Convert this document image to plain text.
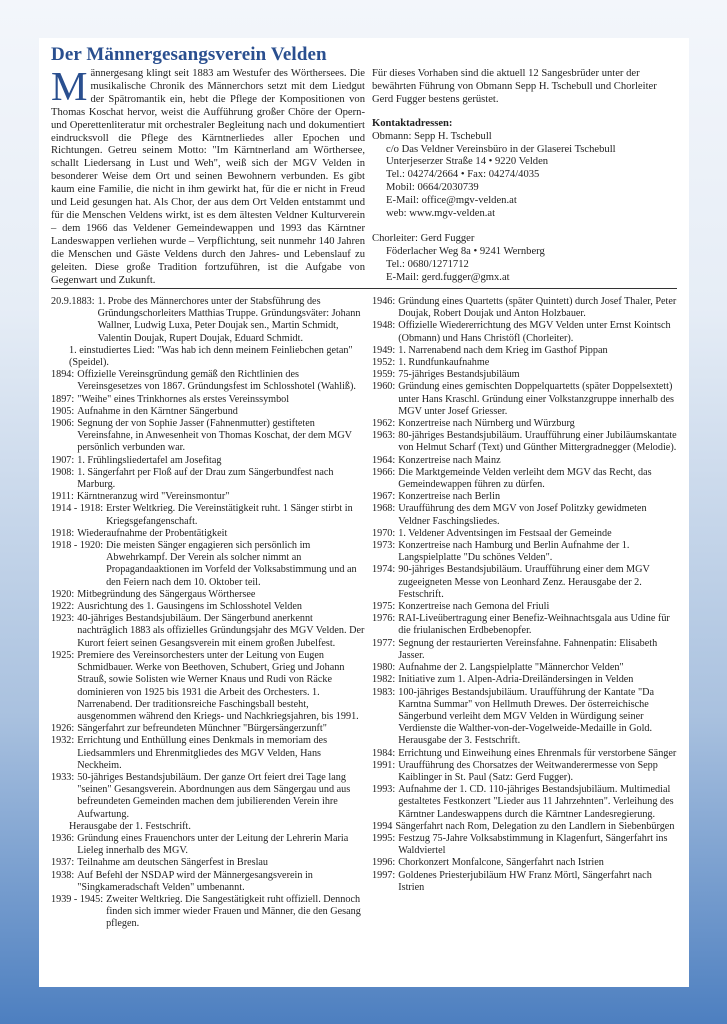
Der Männergesangsverein Velden
Männergesang klingt seit 1883 am Westufer des Wörthersees. Die musikalische Chronik des Männerchors setzt mit dem Liedgut der Spätromantik ein, hebt die Pflege der Kompositionen von Thomas Koschat hervor, weist die Aufführung großer Chöre der Opern- und Operettenliteratur mit orchestraler Begleitung nach und dokumentiert eindrucksvoll die Pflege des Kärntnerliedes aller Epochen und Richtungen. Getreu seinem Motto: "Im Kärntnerland am Wörthersee, schallt Liedersang in Lust und Weh", weiß sich der MGV Velden in besonderer Weise dem Ort und seinen Bewohnern verbunden. Es gibt kaum eine Familie, die nicht in ihm gewirkt hat, für die er nicht in Freud und Leid gesungen hat. Als Chor, der aus dem Ort Velden entstammt und für die Menschen Veldens wirkt, ist es dem ältesten Veldner Kulturverein – dem 1966 das Veldener Gemeindewappen und 1993 das Kärntner Landeswappen verliehen wurde – Verpflichtung, seit nunmehr 140 Jahren die Menschen und Gäste Veldens durch den Jahres- und Lebenslauf zu geleiten. Diese große Tradition fortzuführen, ist die Aufgabe von Gegenwart und Zukunft.
Für dieses Vorhaben sind die aktuell 12 Sangesbrüder unter der bewährten Führung von Obmann Sepp H. Tschebull und Chorleiter Gerd Fugger bestens gerüstet.
Kontaktadressen:
Obmann: Sepp H. Tschebull
c/o Das Veldner Vereinsbüro in der Glaserei Tschebull
Unterjeserzer Straße 14 • 9220 Velden
Tel.: 04274/2664 • Fax: 04274/4035
Mobil: 0664/2030739
E-Mail: office@mgv-velden.at
web: www.mgv-velden.at
Chorleiter: Gerd Fugger
Föderlacher Weg 8a • 9241 Wernberg
Tel.: 0680/1271712
E-Mail: gerd.fugger@gmx.at
20.9.1883: 1. Probe des Männerchores unter der Stabsführung des Gründungschorleiters Matthias Truppe. Gründungsväter: Johann Wallner, Ludwig Luxa, Peter Doujak sen., Martin Schmidt, Valentin Doujak, Rupert Doujak, Eduard Schmidt.
1. einstudiertes Lied: "Was hab ich denn meinem Feinliebchen getan" (Speidel).
1894: Offizielle Vereinsgründung gemäß den Richtlinien des Vereinsgesetzes von 1867. Gründungsfest im Schlosshotel (Wahliß).
1897: "Weihe" eines Trinkhornes als erstes Vereinssymbol
1905: Aufnahme in den Kärntner Sängerbund
1906: Segnung der von Sophie Jasser (Fahnenmutter) gestifteten Vereinsfahne, in Anwesenheit von Thomas Koschat, der dem MGV persönlich verbunden war.
1907: 1. Frühlingsliedertafel am Josefitag
1908: 1. Sängerfahrt per Floß auf der Drau zum Sängerbundfest nach Marburg.
1911: Kärntneranzug wird "Vereinsmontur"
1914 - 1918: Erster Weltkrieg. Die Vereinstätigkeit ruht. 1 Sänger stirbt in Kriegsgefangenschaft.
1918: Wiederaufnahme der Probentätigkeit
1918 - 1920: Die meisten Sänger engagieren sich persönlich im Abwehrkampf. Der Verein als solcher nimmt an Propagandaaktionen im Vorfeld der Volksabstimmung und an den Feiern nach dem 10. Oktober teil.
1920: Mitbegründung des Sängergaus Wörthersee
1922: Ausrichtung des 1. Gausingens im Schlosshotel Velden
1923: 40-jähriges Bestandsjubiläum. Der Sängerbund anerkennt nachträglich 1883 als offizielles Gründungsjahr des MGV Velden. Der Kurort feiert seinen Gesangsverein mit einem großen Jubelfest.
1925: Premiere des Vereinsorchesters unter der Leitung von Eugen Schmidbauer. Werke von Beethoven, Schubert, Grieg und Johann Strauß, sowie Solisten wie Werner Knaus und Rudi von Räcke dominieren von 1925 bis 1931 die Arbeit des Orchesters. 1. Narrenabend. Der traditionsreiche Faschingsball besteht, ausgenommen während den Kriegs- und Nachkriegsjahren, bis 1991.
1926: Sängerfahrt zur befreundeten Münchner "Bürgersängerzunft"
1932: Errichtung und Enthüllung eines Denkmals in memoriam des Liedsammlers und Ehrenmitgliedes des MGV Velden, Hans Neckheim.
1933: 50-jähriges Bestandsjubiläum. Der ganze Ort feiert drei Tage lang "seinen" Gesangsverein. Abordnungen aus dem Sängergau und aus befreundeten Gemeinden machen dem jubilierenden Verein ihre Aufwartung.
Herausgabe der 1. Festschrift.
1936: Gründung eines Frauenchors unter der Leitung der Lehrerin Maria Lieleg innerhalb des MGV.
1937: Teilnahme am deutschen Sängerfest in Breslau
1938: Auf Befehl der NSDAP wird der Männergesangsverein in "Singkameradschaft Velden" umbenannt.
1939 - 1945: Zweiter Weltkrieg. Die Sangestätigkeit ruht offiziell. Dennoch finden sich immer wieder Frauen und Männer, die den Gesang pflegen.
1946: Gründung eines Quartetts (später Quintett) durch Josef Thaler, Peter Doujak, Robert Doujak und Anton Holzbauer.
1948: Offizielle Wiedererrichtung des MGV Velden unter Ernst Kointsch (Obmann) und Hans Christöfl (Chorleiter).
1949: 1. Narrenabend nach dem Krieg im Gasthof Pippan
1952: 1. Rundfunkaufnahme
1959: 75-jähriges Bestandsjubiläum
1960: Gründung eines gemischten Doppelquartetts (später Doppelsextett) unter Hans Kraschl. Gründung einer Volkstanzgruppe innerhalb des MGV unter Josef Griesser.
1962: Konzertreise nach Nürnberg und Würzburg
1963: 80-jähriges Bestandsjubiläum. Uraufführung einer Jubiläumskantate von Helmut Scharf (Text) und Günther Mittergradnegger (Melodie).
1964: Konzertreise nach Mainz
1966: Die Marktgemeinde Velden verleiht dem MGV das Recht, das Gemeindewappen führen zu dürfen.
1967: Konzertreise nach Berlin
1968: Uraufführung des dem MGV von Josef Politzky gewidmeten Veldner Faschingsliedes.
1970: 1. Veldener Adventsingen im Festsaal der Gemeinde
1973: Konzertreise nach Hamburg und Berlin Aufnahme der 1. Langspielplatte "Du schönes Velden".
1974: 90-jähriges Bestandsjubiläum. Uraufführung einer dem MGV zugeeigneten Messe von Leonhard Zenz. Herausgabe der 2. Festschrift.
1975: Konzertreise nach Gemona del Friuli
1976: RAI-Liveübertragung einer Benefiz-Weihnachtsgala aus Udine für die friulanischen Erdbebenopfer.
1977: Segnung der restaurierten Vereinsfahne. Fahnenpatin: Elisabeth Jasser.
1980: Aufnahme der 2. Langspielplatte "Männerchor Velden"
1982: Initiative zum 1. Alpen-Adria-Dreiländersingen in Velden
1983: 100-jähriges Bestandsjubiläum. Uraufführung der Kantate "Da Karntna Summar" von Hellmuth Drewes. Der österreichische Sängerbund verleiht dem MGV Velden in Würdigung seiner Verdienste die Walther-von-der-Vogelweide-Medaille in Gold. Herausgabe der 3. Festschrift.
1984: Errichtung und Einweihung eines Ehrenmals für verstorbene Sänger
1991: Uraufführung des Chorsatzes der Weitwanderermesse von Sepp Kaiblinger in St. Paul (Satz: Gerd Fugger).
1993: Aufnahme der 1. CD. 110-jähriges Bestandsjubiläum. Multimedial gestaltetes Festkonzert "Lieder aus 11 Jahrzehnten". Verleihung des Kärntner Landeswappens durch die Kärntner Landesregierung.
1994 Sängerfahrt nach Rom, Delegation zu den Landlern in Siebenbürgen
1995: Festzug 75-Jahre Volksabstimmung in Klagenfurt, Sängerfahrt ins Waldviertel
1996: Chorkonzert Monfalcone, Sängerfahrt nach Istrien
1997: Goldenes Priesterjubiläum HW Franz Mörtl, Sängerfahrt nach Istrien
